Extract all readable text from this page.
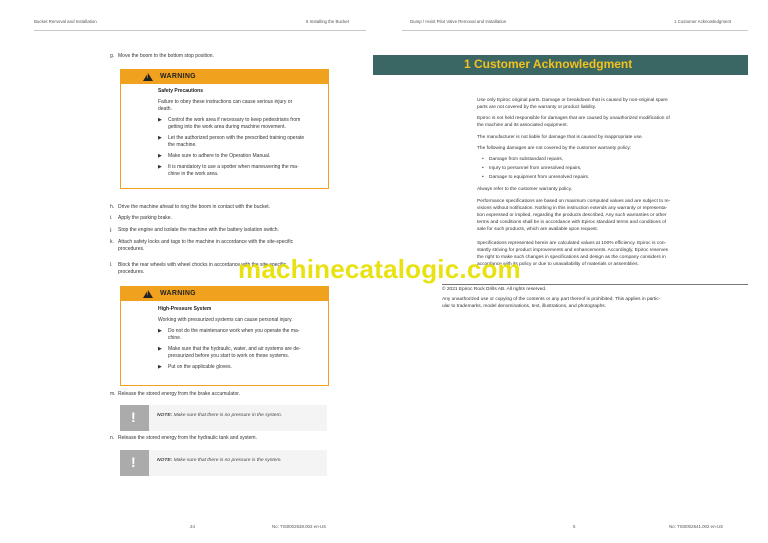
Bucket Removal and Installation	6 Installing the Bucket
g. Move the boom to the bottom stop position.
! WARNING
Safety Precautions
Failure to obey these instructions can cause serious injury or
death.
▶ Control the work area if necessary to keep pedestrians from
getting into the work area during machine movement.
▶ Let the authorized person with the prescribed training operate
the machine.
▶ Make sure to adhere to the Operation Manual.
▶ It is mandatory to use a spotter when maneuvering the ma-
chine in the work area.
h. Drive the machine ahead to ring the boom in contact with the bucket.
i. Apply the parking brake.
j. Stop the engine and isolate the machine with the battery isolation switch.
k. Attach safety locks and tags to the machine in accordance with the site-specific
procedures.
l. Block the rear wheels with wheel chocks in accordance with the site-specific
procedures.
! WARNING
High-Pressure System
Working with pressurized systems can cause personal injury.
▶ Do not do the maintenance work when you operate the ma-
chine.
▶ Make sure that the hydraulic, water, and air systems are de-
pressurized before you start to work on these systems.
▶ Put on the applicable gloves.
m. Release the stored energy from the brake accumulator.
!	NOTE: Make sure that there is no pressure in the system.
n. Release the stored energy from the hydraulic tank and system.
!	NOTE: Make sure that there is no pressure is the system.
24	No: TIS0002638.002 en-US
Dump / Hoist Pilot Valve Removal and Installation	1 Customer Acknowledgment
1 Customer Acknowledgment
Use only Epiroc original parts. Damage or breakdown that is caused by non-original spare
parts are not covered by the warranty or product liability.
Epiroc is not held responsible for damages that are caused by unauthorized modification of
the machine and its associated equipment.
The manufacturer is not liable for damage that is caused by inappropriate use.
The following damages are not covered by the customer warranty policy:
• Damage from substandard repairs,
• Injury to personnel from unresolved repairs,
• Damage to equipment from unresolved repairs.
Always refer to the customer warranty policy.
Performance specifications are based on maximum computed values and are subject to re-
visions without notification. Nothing in this instruction extends any warranty or representa-
tion expressed or implied, regarding the products described. Any such warranties or other
terms and conditions shall be in accordance with Epiroc standard terms and conditions of
sale for such products, which are available upon request.
Specifications represented herein are calculated values at 100% efficiency. Epiroc is con-
stantly striving for product improvements and enhancements. Accordingly, Epiroc reserves
the right to make such changes in specifications and design as the company considers in
accordance with its policy or due to unavailability of materials or assemblies.
© 2021 Epiroc Rock Drills AB. All rights reserved.
Any unauthorized use or copying of the contents or any part thereof is prohibited. This applies in partic-
ular to trademarks, model denominations, text, illustrations, and photographs.
5	No: TIS0002641.002 en-US
machinecatalogic.com
